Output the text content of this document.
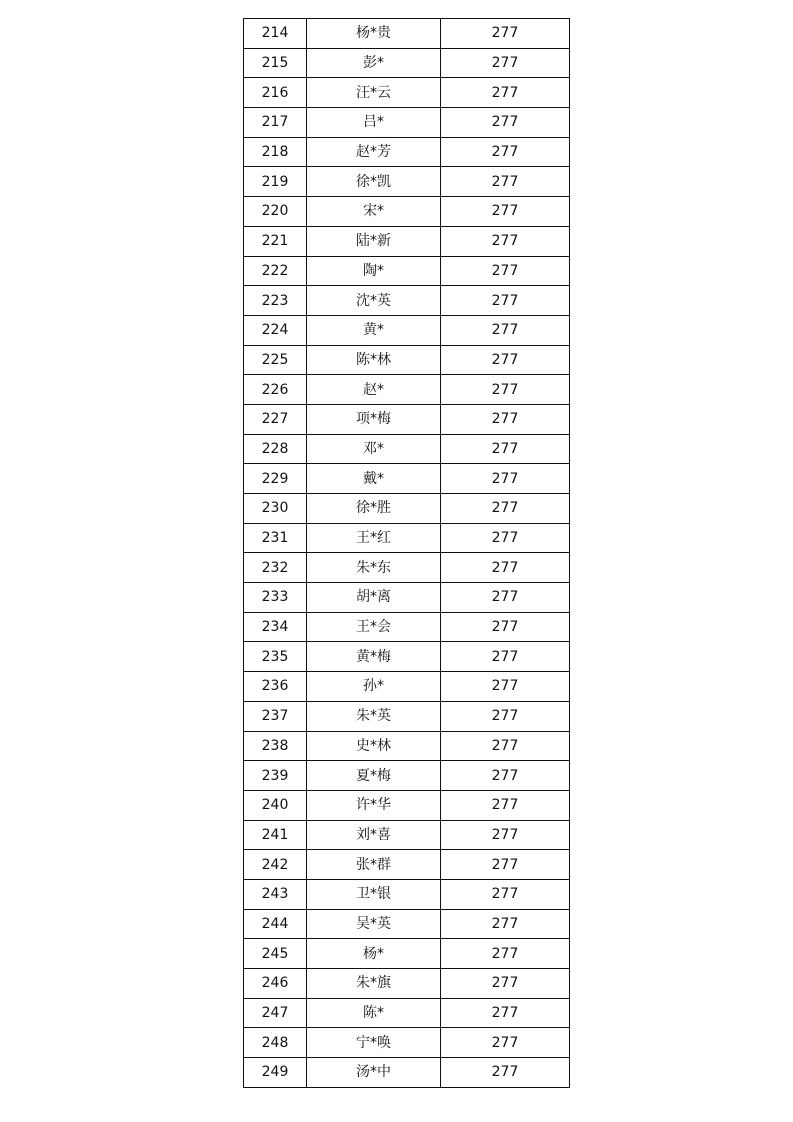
214	杨*贵	277
215	彭*	277
216	汪*云	277
217	吕*	277
218	赵*芳	277
219	徐*凯	277
220	宋*	277
221	陆*新	277
222	陶*	277
223	沈*英	277
224	黄*	277
225	陈*林	277
226	赵*	277
227	项*梅	277
228	邓*	277
229	戴*	277
230	徐*胜	277
231	王*红	277
232	朱*东	277
233	胡*离	277
234	王*会	277
235	黄*梅	277
236	孙*	277
237	朱*英	277
238	史*林	277
239	夏*梅	277
240	许*华	277
241	刘*喜	277
242	张*群	277
243	卫*银	277
244	吴*英	277
245	杨*	277
246	朱*旗	277
247	陈*	277
248	宁*唤	277
249	汤*中	277
